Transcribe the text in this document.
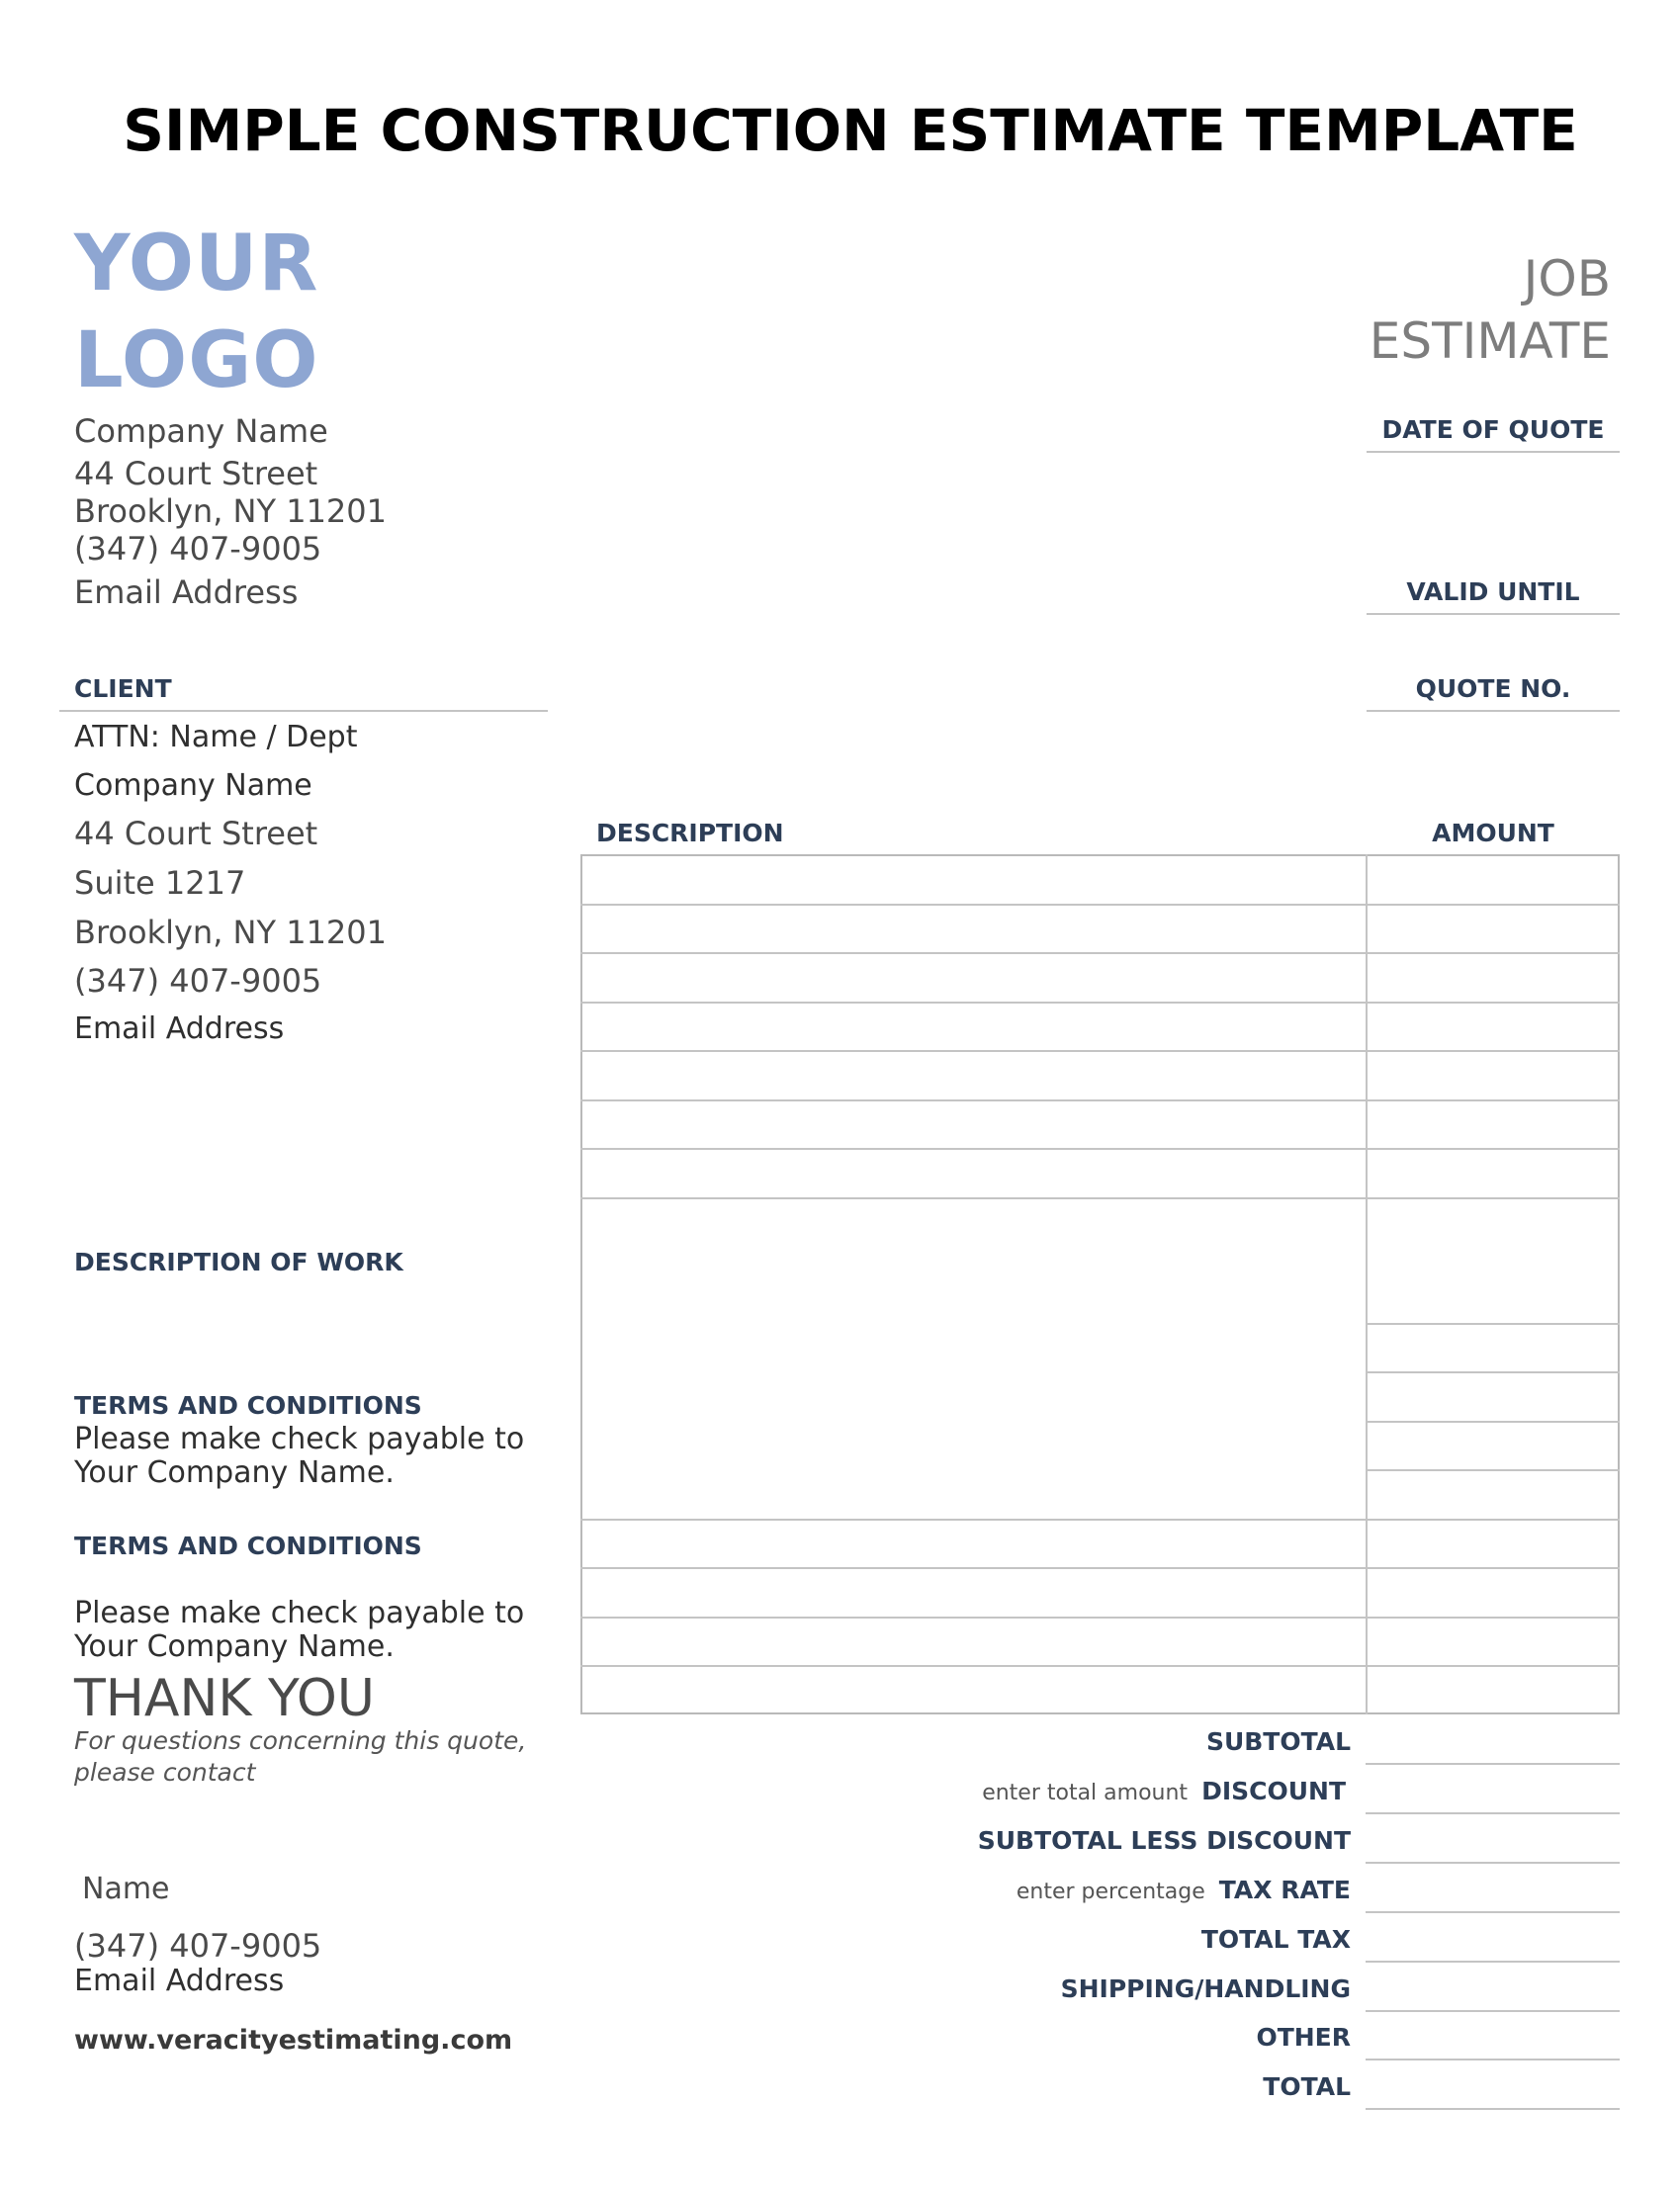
SIMPLE CONSTRUCTION ESTIMATE TEMPLATE
YOUR
LOGO
Company Name
44 Court Street
Brooklyn, NY 11201
(347) 407-9005
Email Address
JOB
ESTIMATE
DATE OF QUOTE
VALID UNTIL
QUOTE NO.
CLIENT
ATTN: Name / Dept
Company Name
44 Court Street
Suite 1217
Brooklyn, NY 11201
(347) 407-9005
Email Address
DESCRIPTION	AMOUNT
DESCRIPTION OF WORK
TERMS AND CONDITIONS
Please make check payable to
Your Company Name.
TERMS AND CONDITIONS
Please make check payable to
Your Company Name.
THANK YOU
For questions concerning this quote,
please contact
Name
(347) 407-9005
Email Address
www.veracityestimating.com
SUBTOTAL
enter total amount DISCOUNT
SUBTOTAL LESS DISCOUNT
enter percentage TAX RATE
TOTAL TAX
SHIPPING/HANDLING
OTHER
TOTAL
